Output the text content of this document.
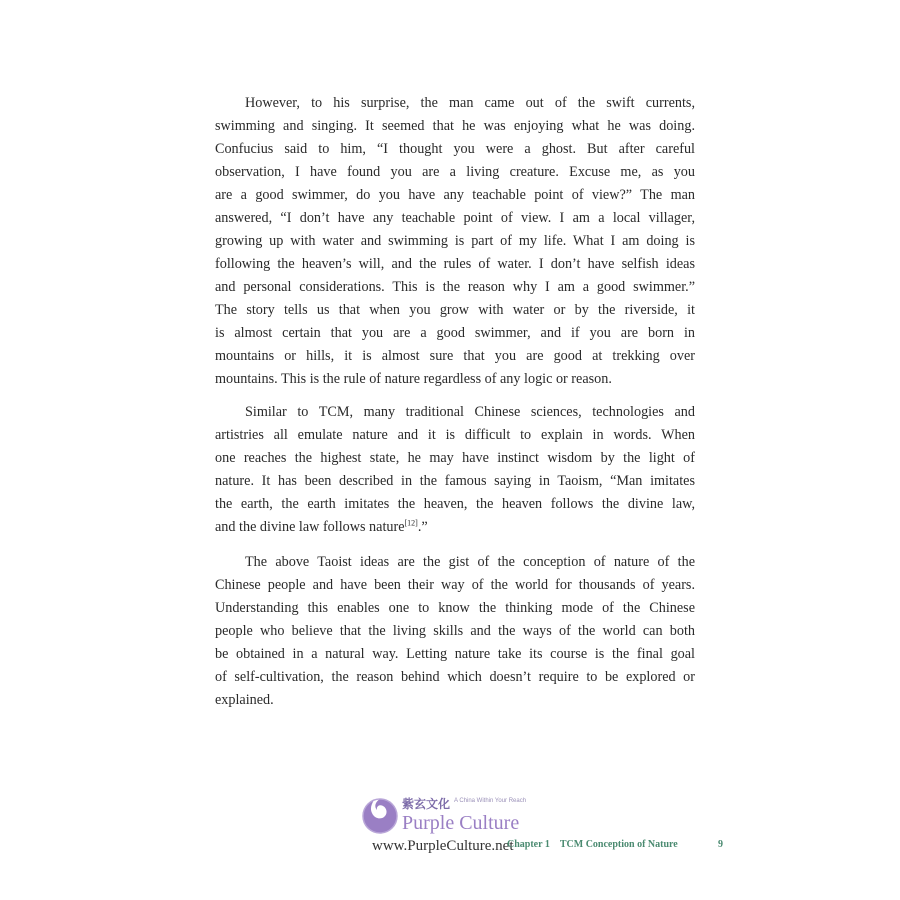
However, to his surprise, the man came out of the swift currents,
swimming and singing. It seemed that he was enjoying what he was doing.
Confucius said to him, “I thought you were a ghost. But after careful
observation, I have found you are a living creature. Excuse me, as you
are a good swimmer, do you have any teachable point of view?” The man
answered, “I don’t have any teachable point of view. I am a local villager,
growing up with water and swimming is part of my life. What I am doing is
following the heaven’s will, and the rules of water. I don’t have selfish ideas
and personal considerations. This is the reason why I am a good swimmer.”
The story tells us that when you grow with water or by the riverside, it
is almost certain that you are a good swimmer, and if you are born in
mountains or hills, it is almost sure that you are good at trekking over
mountains. This is the rule of nature regardless of any logic or reason.
Similar to TCM, many traditional Chinese sciences, technologies and
artistries all emulate nature and it is difficult to explain in words. When
one reaches the highest state, he may have instinct wisdom by the light of
nature. It has been described in the famous saying in Taoism, “Man imitates
the earth, the earth imitates the heaven, the heaven follows the divine law,
and the divine law follows nature[12].”
The above Taoist ideas are the gist of the conception of nature of the
Chinese people and have been their way of the world for thousands of years.
Understanding this enables one to know the thinking mode of the Chinese
people who believe that the living skills and the ways of the world can both
be obtained in a natural way. Letting nature take its course is the final goal
of self-cultivation, the reason behind which doesn’t require to be explored or
explained.
紫玄文化 A China Within Your Reach
Purple Culture
www.PurpleCulture.net
Chapter 1 TCM Conception of Nature	9
